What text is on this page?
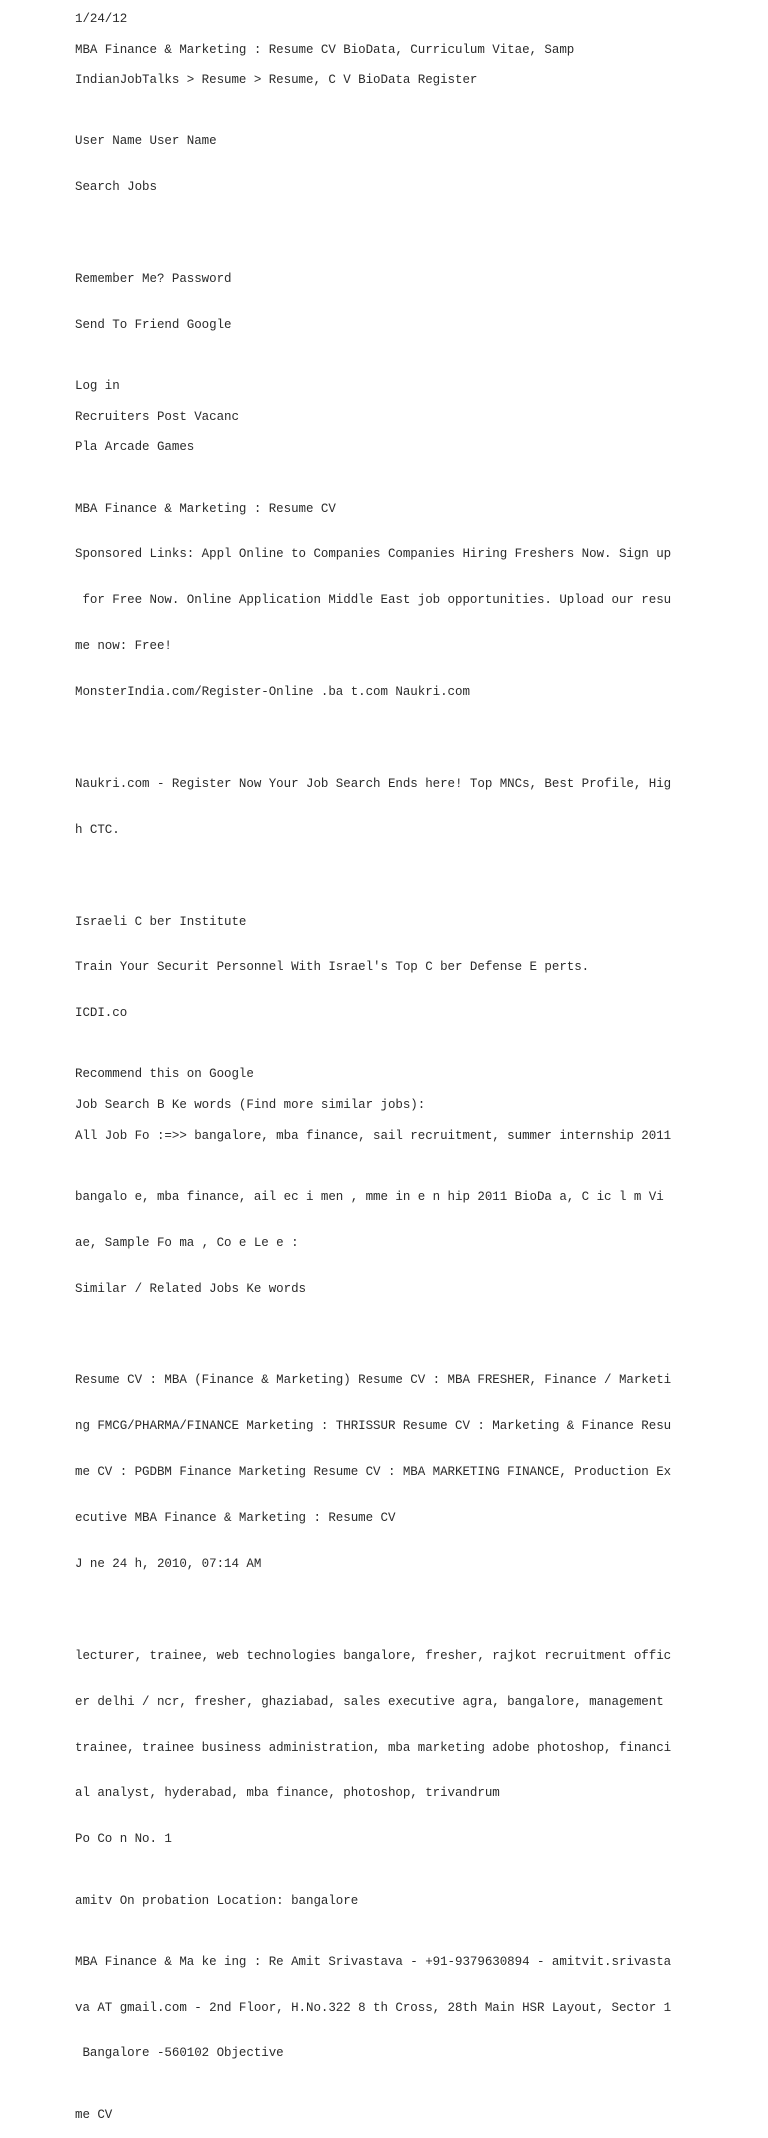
1/24/12
MBA Finance & Marketing : Resume CV BioData, Curriculum Vitae, Samp
IndianJobTalks > Resume > Resume, C V BioData Register

User Name User Name

Search Jobs

Remember Me? Password

Send To Friend Google

Log in
Recruiters Post Vacanc
Pla Arcade Games

MBA Finance & Marketing : Resume CV

Sponsored Links: Appl Online to Companies Companies Hiring Freshers Now. Sign up

for Free Now. Online Application Middle East job opportunities. Upload our resu

me now: Free!

MonsterIndia.com/Register-Online .ba t.com Naukri.com

Naukri.com - Register Now Your Job Search Ends here! Top MNCs, Best Profile, Hig

h CTC.

Israeli C ber Institute

Train Your Securit Personnel With Israel's Top C ber Defense E perts.

ICDI.co

Recommend this on Google
Job Search B Ke words (Find more similar jobs):
All Job Fo :=>> bangalore, mba finance, sail recruitment, summer internship 2011

bangalo e, mba finance, ail ec i men , mme in e n hip 2011 BioDa a, C ic l m Vi

ae, Sample Fo ma , Co e Le e :

Similar / Related Jobs Ke words

Resume CV : MBA (Finance & Marketing) Resume CV : MBA FRESHER, Finance / Marketi

ng FMCG/PHARMA/FINANCE Marketing : THRISSUR Resume CV : Marketing & Finance Resu

me CV : PGDBM Finance Marketing Resume CV : MBA MARKETING FINANCE, Production Ex

ecutive MBA Finance & Marketing : Resume CV

J ne 24 h, 2010, 07:14 AM

lecturer, trainee, web technologies bangalore, fresher, rajkot recruitment offic

er delhi / ncr, fresher, ghaziabad, sales executive agra, bangalore, management

trainee, trainee business administration, mba marketing adobe photoshop, financi

al analyst, hyderabad, mba finance, photoshop, trivandrum

Po Co n No. 1

amitv On probation Location: bangalore

MBA Finance & Ma ke ing : Re Amit Srivastava - +91-9379630894 - amitvit.srivasta

va AT gmail.com - 2nd Floor, H.No.322 8 th Cross, 28th Main HSR Layout, Sector 1

Bangalore -560102 Objective

me CV
